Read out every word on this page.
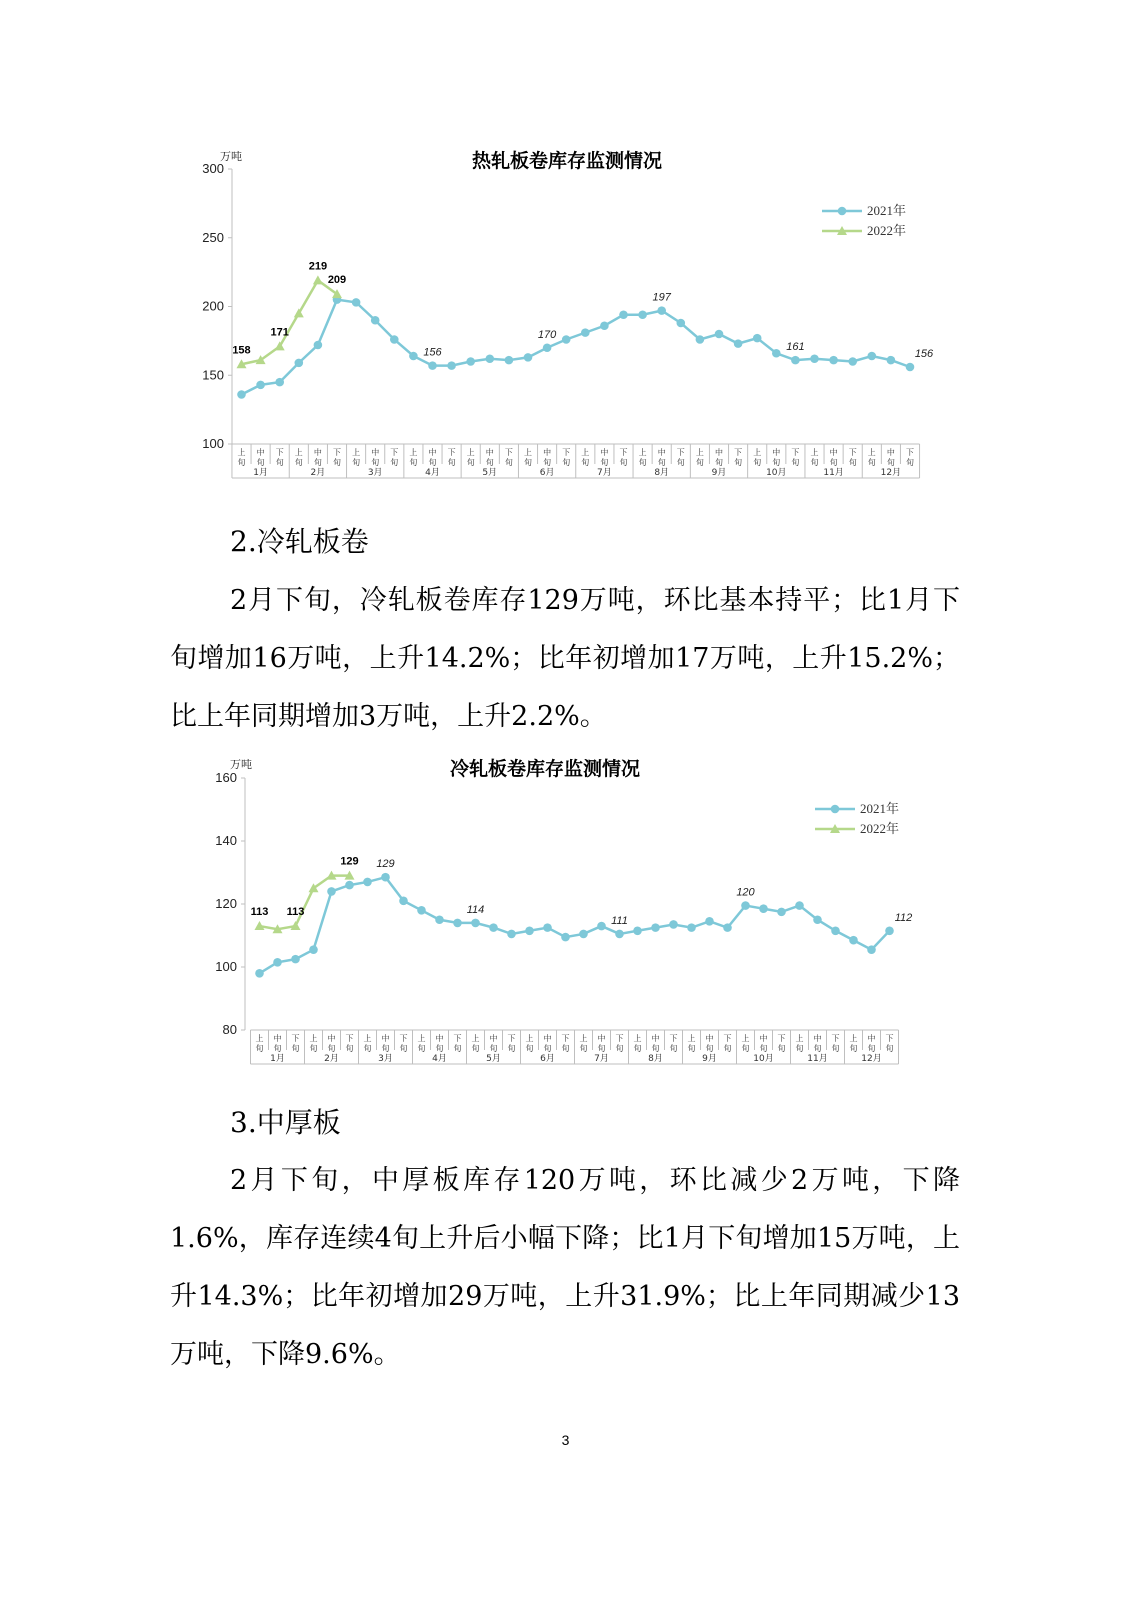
热轧板卷库存监测情况
万吨
100
150
200
250
300
上
旬
中
旬
下
旬
上
旬
中
旬
下
旬
上
旬
中
旬
下
旬
上
旬
中
旬
下
旬
上
旬
中
旬
下
旬
上
旬
中
旬
下
旬
上
旬
中
旬
下
旬
上
旬
中
旬
下
旬
上
旬
中
旬
下
旬
上
旬
中
旬
下
旬
上
旬
中
旬
下
旬
上
旬
中
旬
下
旬
1月	2月	3月	4月	5月	6月	7月	8月	9月	10月	11月	12月
156
170
197
161
156
158
171
219
209
2021年
2022年
2.冷轧板卷
2月下旬，冷轧板卷库存129万吨，环比基本持平；比1月下旬增加16万吨，上升14.2%；比年初增加17万吨，上升15.2%；比上年同期增加3万吨，上升2.2%。
冷轧板卷库存监测情况
万吨
80
100
120
140
160
上
旬
中
旬
下
旬
上
旬
中
旬
下
旬
上
旬
中
旬
下
旬
上
旬
中
旬
下
旬
上
旬
中
旬
下
旬
上
旬
中
旬
下
旬
上
旬
中
旬
下
旬
上
旬
中
旬
下
旬
上
旬
中
旬
下
旬
上
旬
中
旬
下
旬
上
旬
中
旬
下
旬
上
旬
中
旬
下
旬
1月	2月	3月	4月	5月	6月	7月	8月	9月	10月	11月	12月
129
114
111
120
112
113 113
129
2021年
2022年
3.中厚板
2月下旬，中厚板库存120万吨，环比减少2万吨，下降1.6%，库存连续4旬上升后小幅下降；比1月下旬增加15万吨，上升14.3%；比年初增加29万吨，上升31.9%；比上年同期减少13万吨，下降9.6%。
3
